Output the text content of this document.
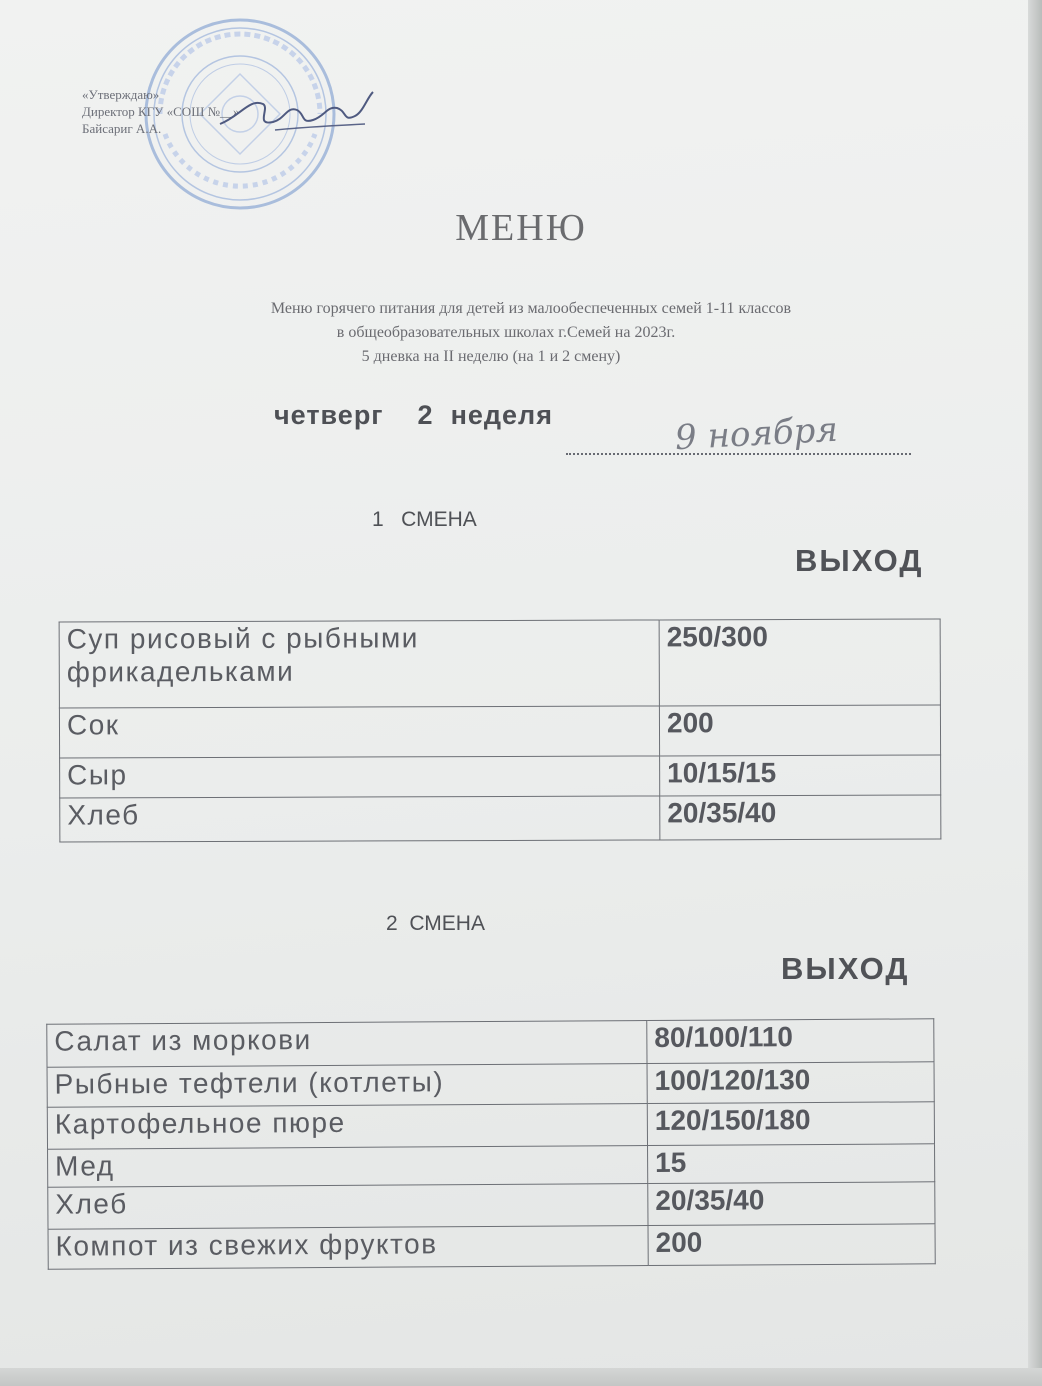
«Утверждаю»
Директор КГУ «СОШ №__»
Байсариг А.А.
МЕНЮ
Меню горячего питания для детей из малообеспеченных семей 1-11 классов
в общеобразовательных школах г.Семей на 2023г.
5 дневка на II неделю (на 1 и 2 смену)
четверг    2  неделя	9 ноября
1   СМЕНА
ВЫХОД
Суп рисовый с рыбными фрикадельками	250/300
Сок	200
Сыр	10/15/15
Хлеб	20/35/40
2  СМЕНА
ВЫХОД
Салат из моркови	80/100/110
Рыбные тефтели (котлеты)	100/120/130
Картофельное пюре	120/150/180
Мед	15
Хлеб	20/35/40
Компот из свежих фруктов	200
